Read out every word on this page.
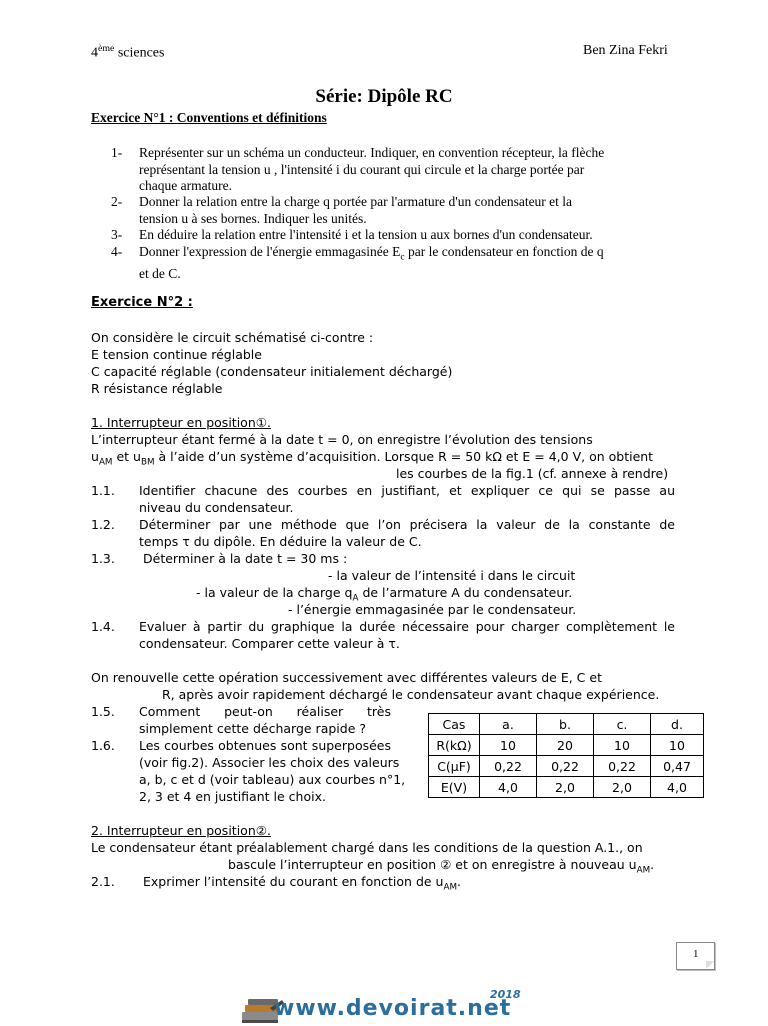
4ème sciences	Ben Zina Fekri
Série: Dipôle RC
Exercice N°1 : Conventions et définitions
1- Représenter sur un schéma un conducteur. Indiquer, en convention récepteur, la flèche
représentant la tension u , l'intensité i du courant qui circule et la charge portée par
chaque armature.
2- Donner la relation entre la charge q portée par l'armature d'un condensateur et la
tension u à ses bornes. Indiquer les unités.
3- En déduire la relation entre l'intensité i et la tension u aux bornes d'un condensateur.
4- Donner l'expression de l'énergie emmagasinée $E_c$ par le condensateur en fonction de q
et de C.
Exercice N°2 :
On considère le circuit schématisé ci-contre :
E tension continue réglable
C capacité réglable (condensateur initialement déchargé)
R résistance réglable
1. Interrupteur en position①.
L’interrupteur étant fermé à la date t = 0, on enregistre l’évolution des tensions
$u_{AM}$ et $u_{BM}$ à l’aide d’un système d’acquisition. Lorsque R = 50 kΩ et E = 4,0 V, on obtient
les courbes de la fig.1 (cf. annexe à rendre)
1.1. Identifier chacune des courbes en justifiant, et expliquer ce qui se passe au
niveau du condensateur.
1.2. Déterminer par une méthode que l’on précisera la valeur de la constante de
temps τ du dipôle. En déduire la valeur de C.
1.3. Déterminer à la date t = 30 ms :
- la valeur de l’intensité i dans le circuit
- la valeur de la charge $q_A$ de l’armature A du condensateur.
- l’énergie emmagasinée par le condensateur.
1.4. Evaluer à partir du graphique la durée nécessaire pour charger complètement le
condensateur. Comparer cette valeur à τ.
On renouvelle cette opération successivement avec différentes valeurs de E, C et
R, après avoir rapidement déchargé le condensateur avant chaque expérience.
1.5. Comment peut-on réaliser très
simplement cette décharge rapide ?
1.6. Les courbes obtenues sont superposées
(voir fig.2). Associer les choix des valeurs
a, b, c et d (voir tableau) aux courbes n°1,
2, 3 et 4 en justifiant le choix.
2. Interrupteur en position②.
Le condensateur étant préalablement chargé dans les conditions de la question A.1., on
bascule l’interrupteur en position ② et on enregistre à nouveau $u_{AM}$.
2.1. Exprimer l’intensité du courant en fonction de $u_{AM}$.
Cas	a.	b.	c.	d.
R(kΩ)	10	20	10	10
C(μF)	0,22	0,22	0,22	0,47
E(V)	4,0	2,0	2,0	4,0
1
www.devoirat.net
2018
